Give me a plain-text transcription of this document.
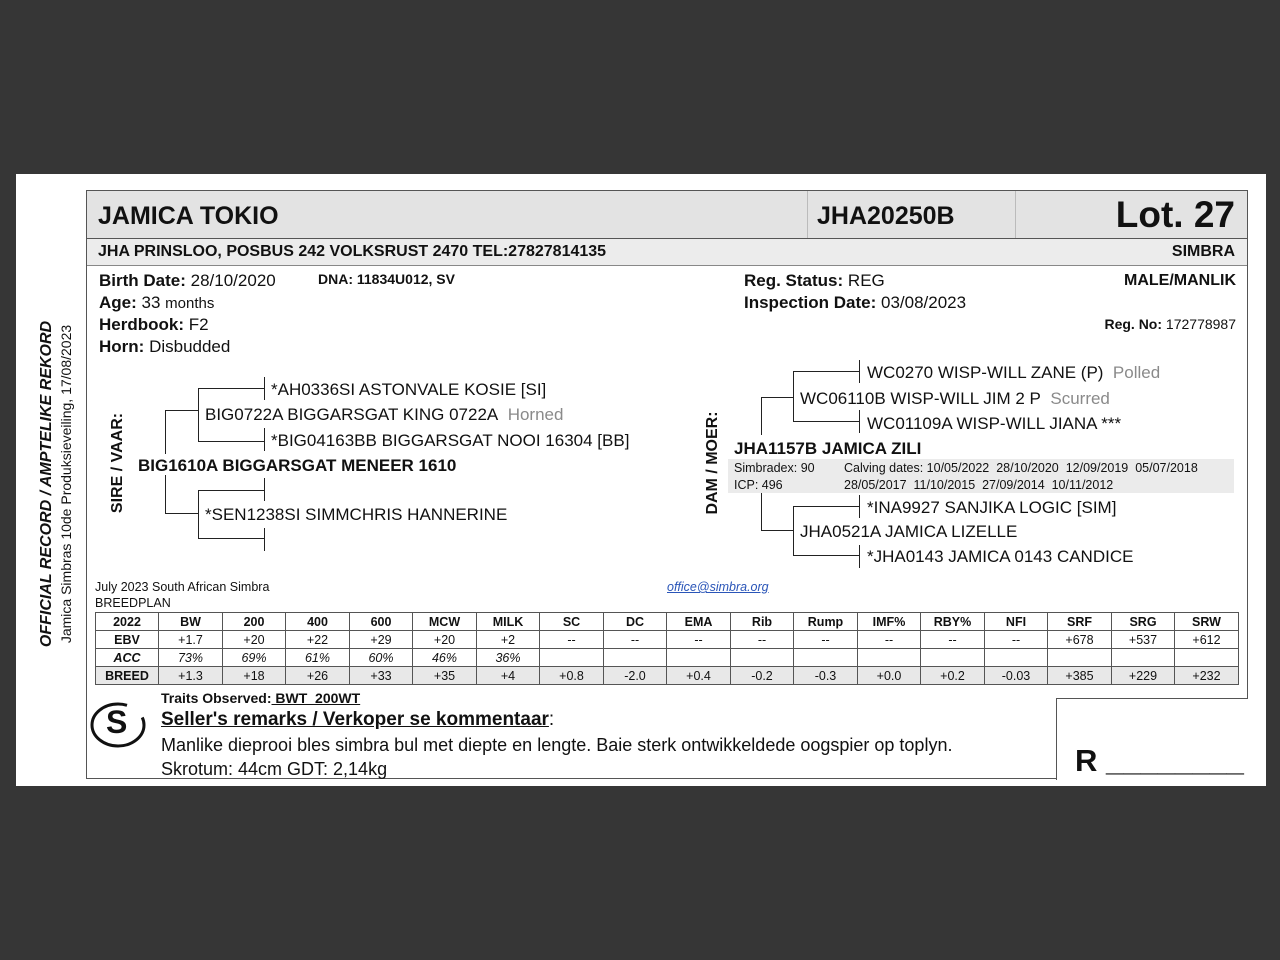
OFFICIAL RECORD / AMPTELIKE REKORD Jamica Simbras 10de Produksieveiling, 17/08/2023
JAMICA TOKIO	JHA20250B	Lot. 27
JHA PRINSLOO, POSBUS 242 VOLKSRUST 2470 TEL:27827814135	SIMBRA
Birth Date: 28/10/2020	DNA: 11834U012, SV
Age: 33 months
Herdbook: F2
Horn: Disbudded
Reg. Status: REG
Inspection Date: 03/08/2023
MALE/MANLIK
Reg. No: 172778987
SIRE / VAAR:
*AH0336SI ASTONVALE KOSIE [SI]
BIG0722A BIGGARSGAT KING 0722A Horned
*BIG04163BB BIGGARSGAT NOOI 16304 [BB]
BIG1610A BIGGARSGAT MENEER 1610
*SEN1238SI SIMMCHRIS HANNERINE	DAM / MOER:
WC0270 WISP-WILL ZANE (P) Polled
WC06110B WISP-WILL JIM 2 P Scurred
WC01109A WISP-WILL JIANA ***
JHA1157B JAMICA ZILI
Simbradex: 90
ICP: 496
Calving dates: 10/05/2022  28/10/2020  12/09/2019  05/07/2018
28/05/2017  11/10/2015  27/09/2014  10/11/2012
*INA9927 SANJIKA LOGIC [SIM]
JHA0521A JAMICA LIZELLE
*JHA0143 JAMICA 0143 CANDICE
July 2023 South African Simbra
BREEDPLAN
office@simbra.org
2022	BW	200	400	600	MCW	MILK	SC	DC	EMA	Rib	Rump	IMF%	RBY%	NFI	SRF	SRG	SRW
EBV	+1.7	+20	+22	+29	+20	+2	--	--	--	--	--	--	--	--	+678	+537	+612
ACC	73%	69%	61%	60%	46%	36%											
BREED	+1.3	+18	+26	+33	+35	+4	+0.8	-2.0	+0.4	-0.2	-0.3	+0.0	+0.2	-0.03	+385	+229	+232
S
Traits Observed: BWT  200WT
Seller's remarks / Verkoper se kommentaar:
Manlike dieprooi bles simbra bul met diepte en lengte. Baie sterk ontwikkeldede oogspier op toplyn.
Skrotum: 44cm GDT: 2,14kg	R ________
